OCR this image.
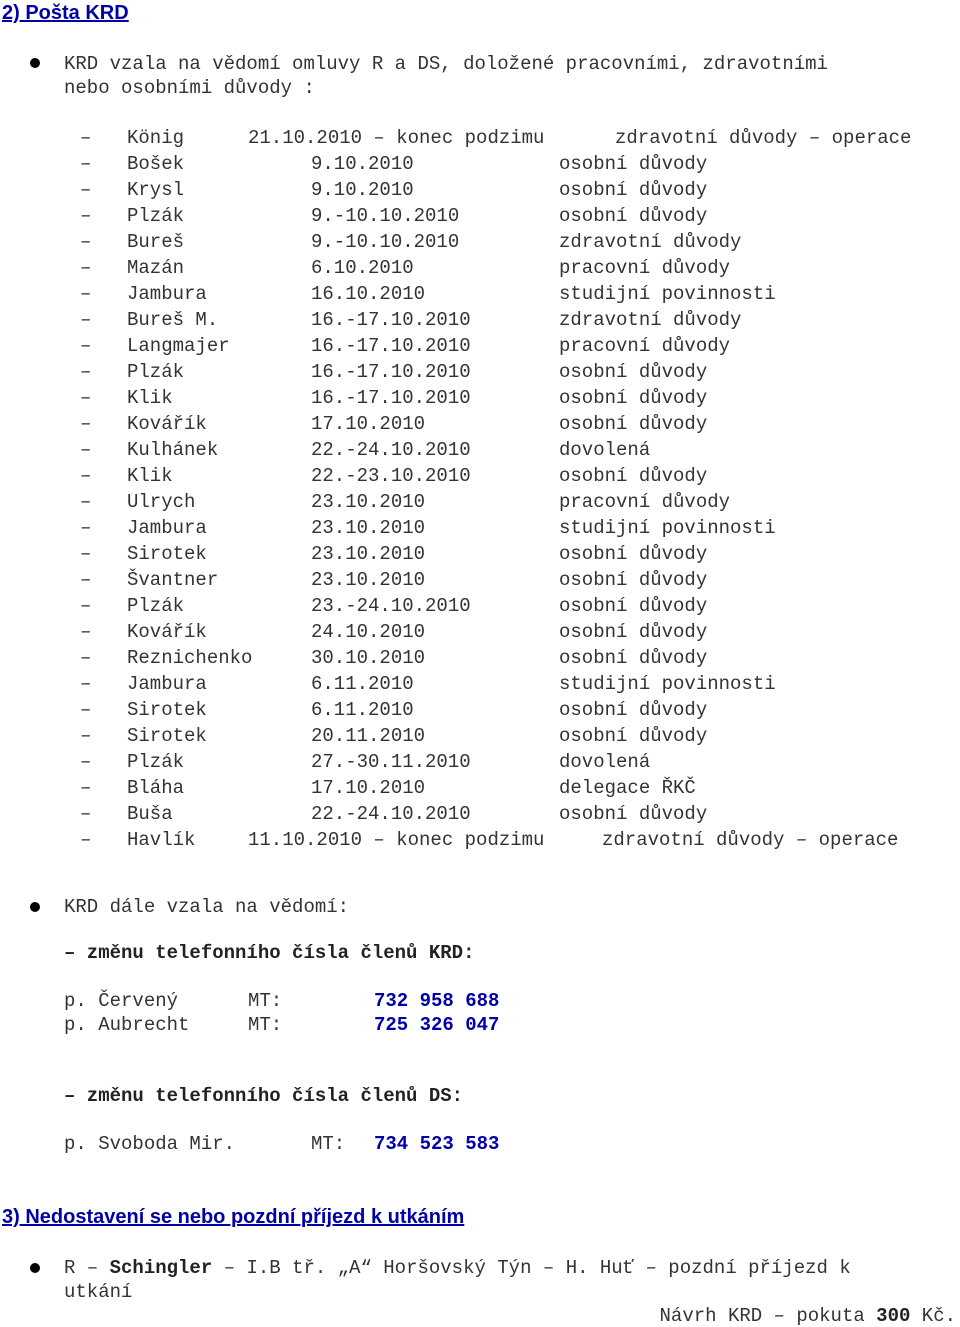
2) Pošta KRD
KRD vzala na vědomí omluvy R a DS, doložené pracovními, zdravotními
nebo osobními důvody :
– König	21.10.2010 – konec podzimu	zdravotní důvody – operace
– Bošek	9.10.2010	osobní důvody
– Krysl	9.10.2010	osobní důvody
– Plzák	9.-10.10.2010	osobní důvody
– Bureš	9.-10.10.2010	zdravotní důvody
– Mazán	6.10.2010	pracovní důvody
– Jambura	16.10.2010	studijní povinnosti
– Bureš M.	16.-17.10.2010	zdravotní důvody
– Langmajer	16.-17.10.2010	pracovní důvody
– Plzák	16.-17.10.2010	osobní důvody
– Klik	16.-17.10.2010	osobní důvody
– Kovářík	17.10.2010	osobní důvody
– Kulhánek	22.-24.10.2010	dovolená
– Klik	22.-23.10.2010	osobní důvody
– Ulrych	23.10.2010	pracovní důvody
– Jambura	23.10.2010	studijní povinnosti
– Sirotek	23.10.2010	osobní důvody
– Švantner	23.10.2010	osobní důvody
– Plzák	23.-24.10.2010	osobní důvody
– Kovářík	24.10.2010	osobní důvody
– Reznichenko	30.10.2010	osobní důvody
– Jambura	6.11.2010	studijní povinnosti
– Sirotek	6.11.2010	osobní důvody
– Sirotek	20.11.2010	osobní důvody
– Plzák	27.-30.11.2010	dovolená
– Bláha	17.10.2010	delegace ŘKČ
– Buša	22.-24.10.2010	osobní důvody
– Havlík	11.10.2010 – konec podzimu	zdravotní důvody – operace
KRD dále vzala na vědomí:
– změnu telefonního čísla členů KRD:
p. Červený	MT:	732 958 688
p. Aubrecht	MT:	725 326 047
– změnu telefonního čísla členů DS:
p. Svoboda Mir.	MT: 734 523 583
3) Nedostavení se nebo pozdní příjezd k utkáním
R – Schingler – I.B tř. „A“ Horšovský Týn – H. Huť – pozdní příjezd k
utkání
Návrh KRD – pokuta 300 Kč.
